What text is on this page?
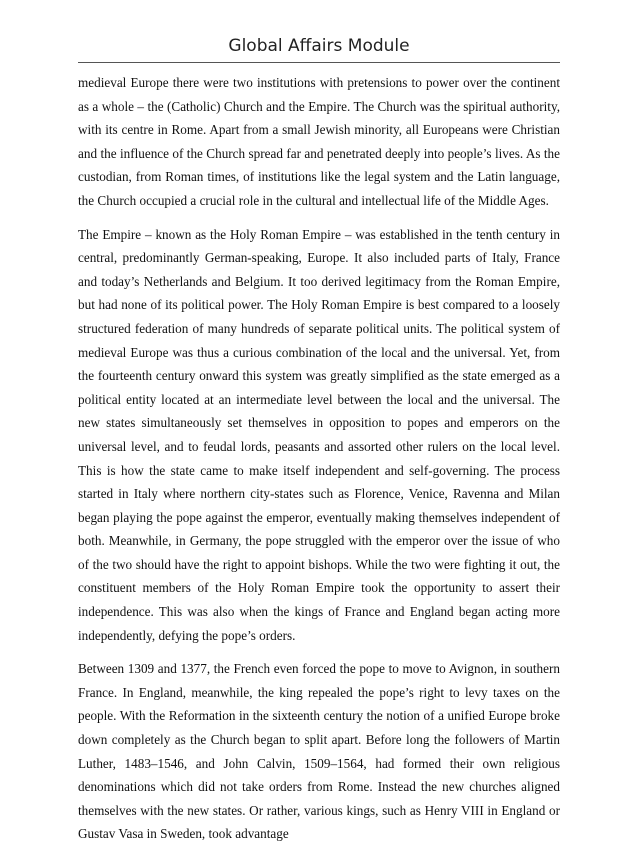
Global Affairs Module

medieval Europe there were two institutions with pretensions to power over the continent as a whole – the (Catholic) Church and the Empire. The Church was the spiritual authority, with its centre in Rome. Apart from a small Jewish minority, all Europeans were Christian and the influence of the Church spread far and penetrated deeply into people’s lives. As the custodian, from Roman times, of institutions like the legal system and the Latin language, the Church occupied a crucial role in the cultural and intellectual life of the Middle Ages.

The Empire – known as the Holy Roman Empire – was established in the tenth century in central, predominantly German-speaking, Europe. It also included parts of Italy, France and today’s Netherlands and Belgium. It too derived legitimacy from the Roman Empire, but had none of its political power. The Holy Roman Empire is best compared to a loosely structured federation of many hundreds of separate political units. The political system of medieval Europe was thus a curious combination of the local and the universal. Yet, from the fourteenth century onward this system was greatly simplified as the state emerged as a political entity located at an intermediate level between the local and the universal. The new states simultaneously set themselves in opposition to popes and emperors on the universal level, and to feudal lords, peasants and assorted other rulers on the local level. This is how the state came to make itself independent and self-governing. The process started in Italy where northern city-states such as Florence, Venice, Ravenna and Milan began playing the pope against the emperor, eventually making themselves independent of both. Meanwhile, in Germany, the pope struggled with the emperor over the issue of who of the two should have the right to appoint bishops. While the two were fighting it out, the constituent members of the Holy Roman Empire took the opportunity to assert their independence. This was also when the kings of France and England began acting more independently, defying the pope’s orders.

Between 1309 and 1377, the French even forced the pope to move to Avignon, in southern France. In England, meanwhile, the king repealed the pope’s right to levy taxes on the people. With the Reformation in the sixteenth century the notion of a unified Europe broke down completely as the Church began to split apart. Before long the followers of Martin Luther, 1483–1546, and John Calvin, 1509–1564, had formed their own religious denominations which did not take orders from Rome. Instead the new churches aligned themselves with the new states. Or rather, various kings, such as Henry VIII in England or Gustav Vasa in Sweden, took advantage
